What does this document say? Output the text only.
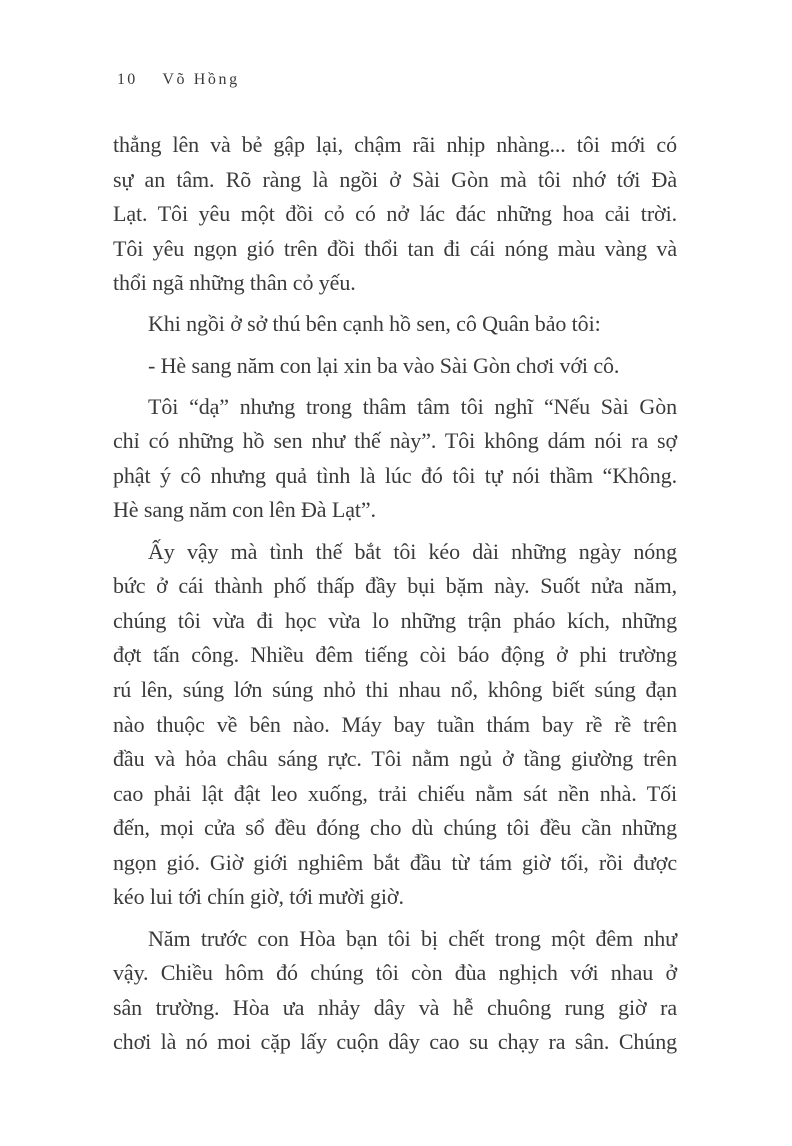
10 Võ Hồng
thẳng lên và bẻ gập lại, chậm rãi nhịp nhàng... tôi mới có
sự an tâm. Rõ ràng là ngồi ở Sài Gòn mà tôi nhớ tới Đà
Lạt. Tôi yêu một đồi cỏ có nở lác đác những hoa cải trời.
Tôi yêu ngọn gió trên đồi thổi tan đi cái nóng màu vàng và
thổi ngã những thân cỏ yếu.
Khi ngồi ở sở thú bên cạnh hồ sen, cô Quân bảo tôi:
- Hè sang năm con lại xin ba vào Sài Gòn chơi với cô.
Tôi “dạ” nhưng trong thâm tâm tôi nghĩ “Nếu Sài Gòn
chỉ có những hồ sen như thế này”. Tôi không dám nói ra sợ
phật ý cô nhưng quả tình là lúc đó tôi tự nói thầm “Không.
Hè sang năm con lên Đà Lạt”.
Ấy vậy mà tình thế bắt tôi kéo dài những ngày nóng
bức ở cái thành phố thấp đầy bụi bặm này. Suốt nửa năm,
chúng tôi vừa đi học vừa lo những trận pháo kích, những
đợt tấn công. Nhiều đêm tiếng còi báo động ở phi trường
rú lên, súng lớn súng nhỏ thi nhau nổ, không biết súng đạn
nào thuộc về bên nào. Máy bay tuần thám bay rề rề trên
đầu và hỏa châu sáng rực. Tôi nằm ngủ ở tầng giường trên
cao phải lật đật leo xuống, trải chiếu nằm sát nền nhà. Tối
đến, mọi cửa sổ đều đóng cho dù chúng tôi đều cần những
ngọn gió. Giờ giới nghiêm bắt đầu từ tám giờ tối, rồi được
kéo lui tới chín giờ, tới mười giờ.
Năm trước con Hòa bạn tôi bị chết trong một đêm như
vậy. Chiều hôm đó chúng tôi còn đùa nghịch với nhau ở
sân trường. Hòa ưa nhảy dây và hễ chuông rung giờ ra
chơi là nó moi cặp lấy cuộn dây cao su chạy ra sân. Chúng
